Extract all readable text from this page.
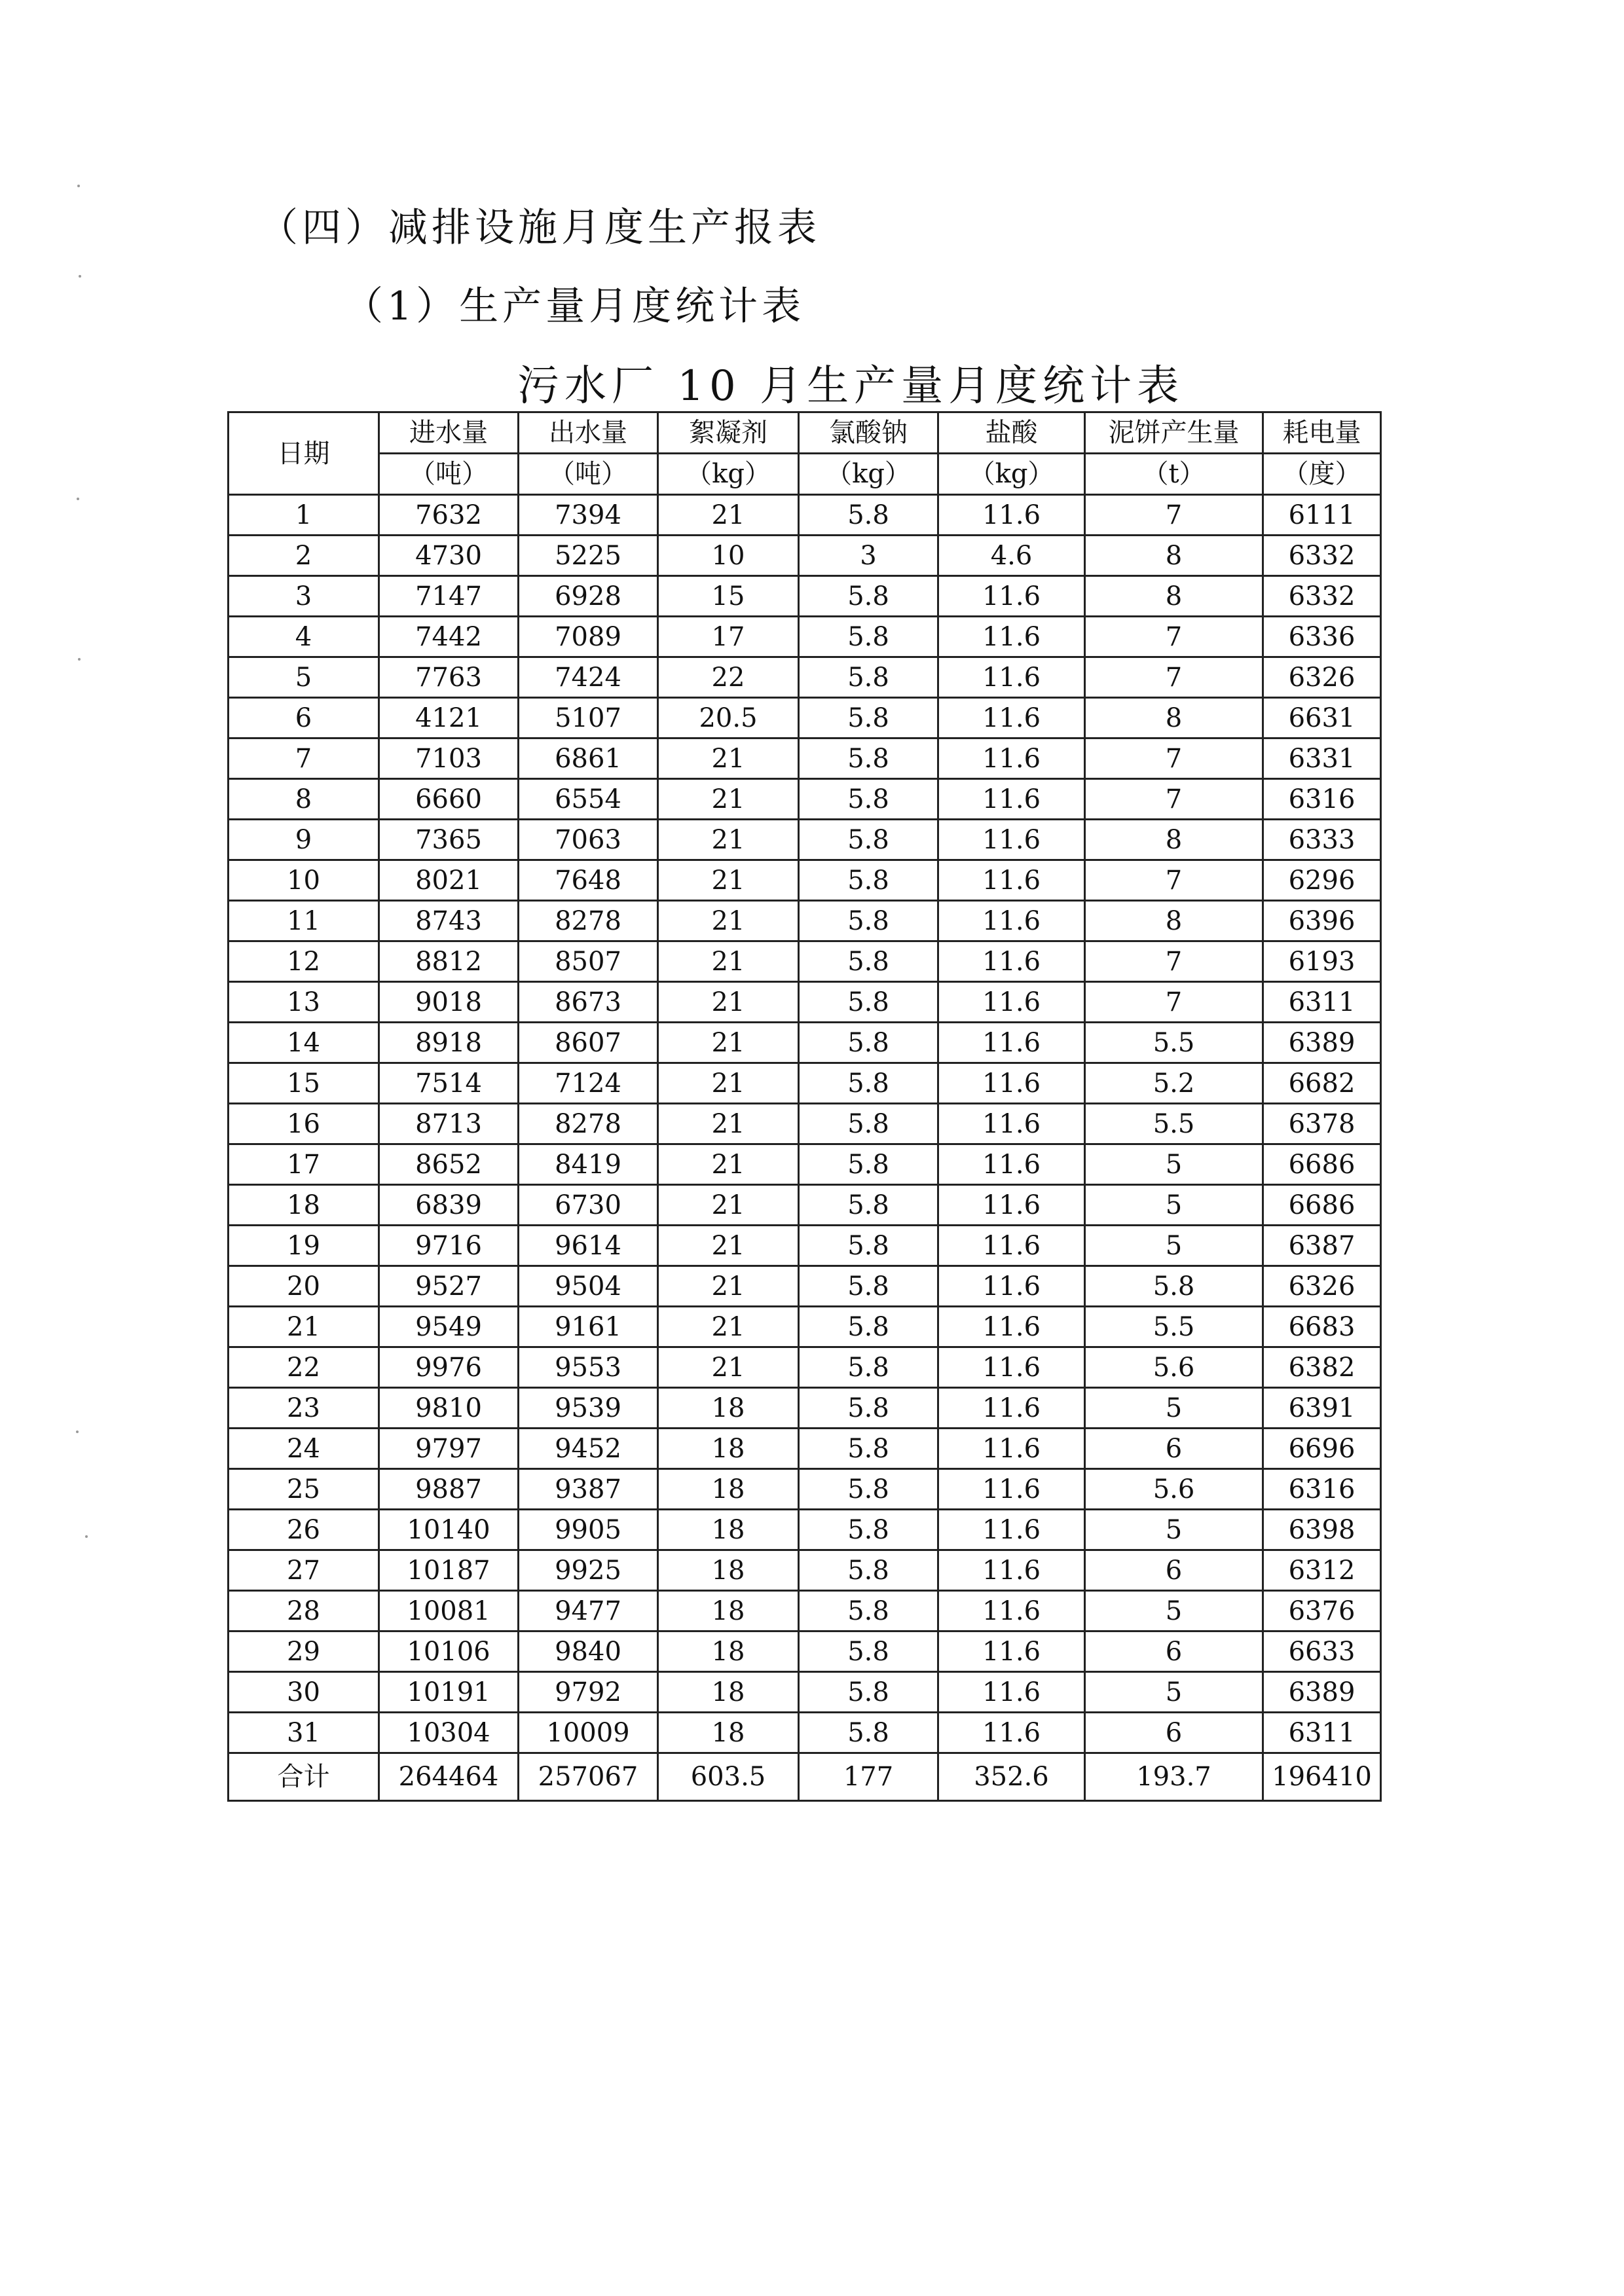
（四）减排设施月度生产报表
（1）生产量月度统计表
污水厂 10 月生产量月度统计表
日期	进水量	出水量	絮凝剂	氯酸钠	盐酸	泥饼产生量	耗电量
	（吨）	（吨）	（kg）	（kg）	（kg）	（t）	（度）
1	7632	7394	21	5.8	11.6	7	6111
2	4730	5225	10	3	4.6	8	6332
3	7147	6928	15	5.8	11.6	8	6332
4	7442	7089	17	5.8	11.6	7	6336
5	7763	7424	22	5.8	11.6	7	6326
6	4121	5107	20.5	5.8	11.6	8	6631
7	7103	6861	21	5.8	11.6	7	6331
8	6660	6554	21	5.8	11.6	7	6316
9	7365	7063	21	5.8	11.6	8	6333
10	8021	7648	21	5.8	11.6	7	6296
11	8743	8278	21	5.8	11.6	8	6396
12	8812	8507	21	5.8	11.6	7	6193
13	9018	8673	21	5.8	11.6	7	6311
14	8918	8607	21	5.8	11.6	5.5	6389
15	7514	7124	21	5.8	11.6	5.2	6682
16	8713	8278	21	5.8	11.6	5.5	6378
17	8652	8419	21	5.8	11.6	5	6686
18	6839	6730	21	5.8	11.6	5	6686
19	9716	9614	21	5.8	11.6	5	6387
20	9527	9504	21	5.8	11.6	5.8	6326
21	9549	9161	21	5.8	11.6	5.5	6683
22	9976	9553	21	5.8	11.6	5.6	6382
23	9810	9539	18	5.8	11.6	5	6391
24	9797	9452	18	5.8	11.6	6	6696
25	9887	9387	18	5.8	11.6	5.6	6316
26	10140	9905	18	5.8	11.6	5	6398
27	10187	9925	18	5.8	11.6	6	6312
28	10081	9477	18	5.8	11.6	5	6376
29	10106	9840	18	5.8	11.6	6	6633
30	10191	9792	18	5.8	11.6	5	6389
31	10304	10009	18	5.8	11.6	6	6311
合计	264464	257067	603.5	177	352.6	193.7	196410
